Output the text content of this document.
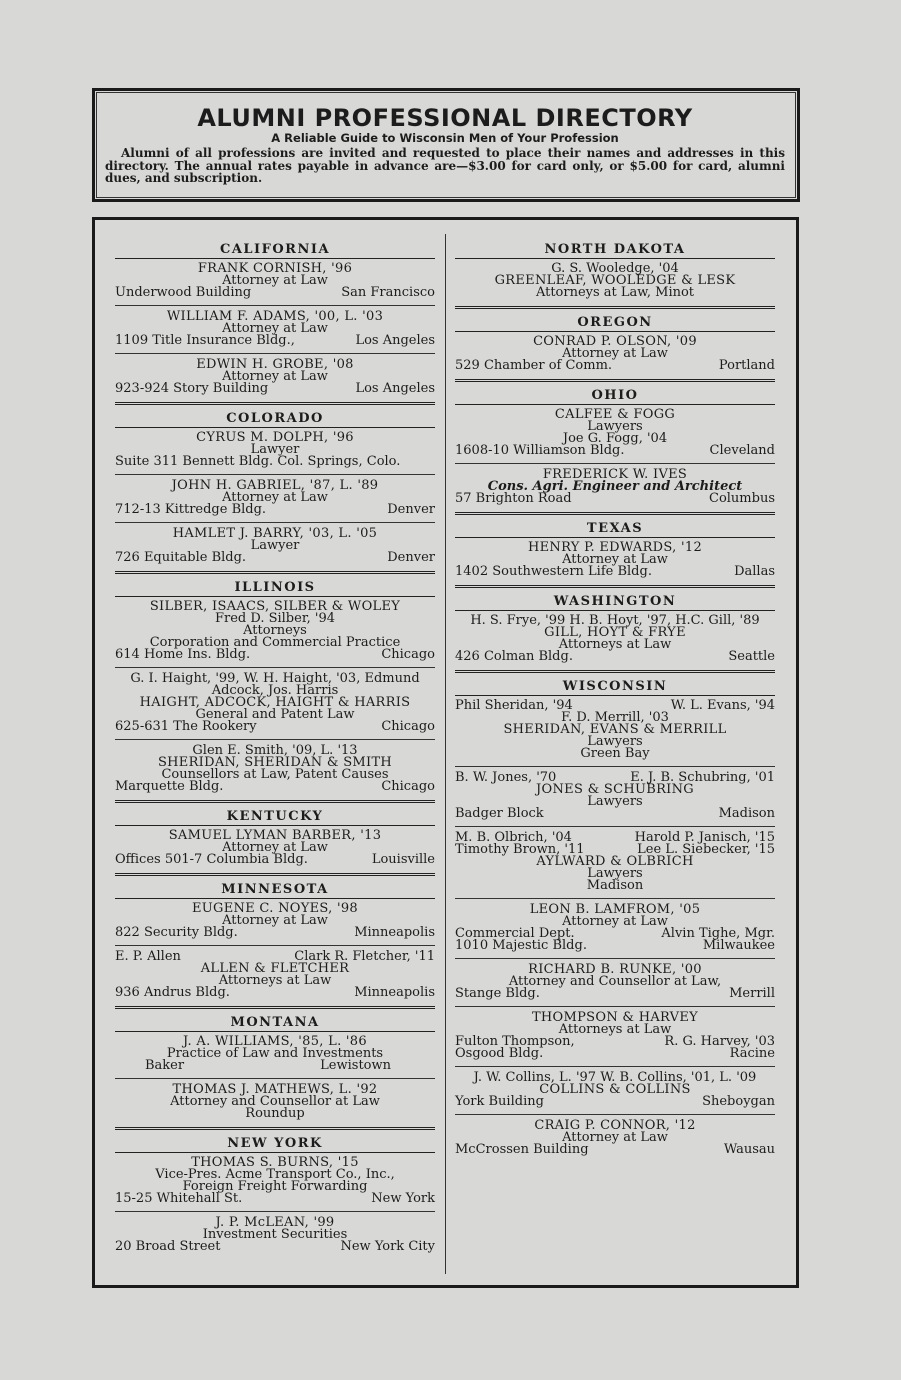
ALUMNI PROFESSIONAL DIRECTORY
A Reliable Guide to Wisconsin Men of Your Profession
Alumni of all professions are invited and requested to place their names and addresses in this directory. The annual rates payable in advance are—$3.00 for card only, or $5.00 for card, alumni dues, and subscription.
CALIFORNIA
FRANK CORNISH, '96
Attorney at Law
Underwood Building	San Francisco
WILLIAM F. ADAMS, '00, L. '03
Attorney at Law
1109 Title Insurance Bldg.,	Los Angeles
EDWIN H. GROBE, '08
Attorney at Law
923-924 Story Building	Los Angeles
COLORADO
CYRUS M. DOLPH, '96
Lawyer
Suite 311 Bennett Bldg. Col. Springs, Colo.
JOHN H. GABRIEL, '87, L. '89
Attorney at Law
712-13 Kittredge Bldg.	Denver
HAMLET J. BARRY, '03, L. '05
Lawyer
726 Equitable Bldg.	Denver
ILLINOIS
SILBER, ISAACS, SILBER & WOLEY
Fred D. Silber, '94
Attorneys
Corporation and Commercial Practice
614 Home Ins. Bldg.	Chicago
G. I. Haight, '99, W. H. Haight, '03, Edmund Adcock, Jos. Harris
HAIGHT, ADCOCK, HAIGHT & HARRIS
General and Patent Law
625-631 The Rookery	Chicago
Glen E. Smith, '09, L. '13
SHERIDAN, SHERIDAN & SMITH
Counsellors at Law, Patent Causes
Marquette Bldg.	Chicago
KENTUCKY
SAMUEL LYMAN BARBER, '13
Attorney at Law
Offices 501-7 Columbia Bldg.	Louisville
MINNESOTA
EUGENE C. NOYES, '98
Attorney at Law
822 Security Bldg.	Minneapolis
E. P. Allen	Clark R. Fletcher, '11
ALLEN & FLETCHER
Attorneys at Law
936 Andrus Bldg.	Minneapolis
MONTANA
J. A. WILLIAMS, '85, L. '86
Practice of Law and Investments
Baker	Lewistown
THOMAS J. MATHEWS, L. '92
Attorney and Counsellor at Law
Roundup
NEW YORK
THOMAS S. BURNS, '15
Vice-Pres. Acme Transport Co., Inc.,
Foreign Freight Forwarding
15-25 Whitehall St.	New York
J. P. McLEAN, '99
Investment Securities
20 Broad Street	New York City
NORTH DAKOTA
G. S. Wooledge, '04
GREENLEAF, WOOLEDGE & LESK
Attorneys at Law, Minot
OREGON
CONRAD P. OLSON, '09
Attorney at Law
529 Chamber of Comm.	Portland
OHIO
CALFEE & FOGG
Lawyers
Joe G. Fogg, '04
1608-10 Williamson Bldg.	Cleveland
FREDERICK W. IVES
Cons. Agri. Engineer and Architect
57 Brighton Road	Columbus
TEXAS
HENRY P. EDWARDS, '12
Attorney at Law
1402 Southwestern Life Bldg.	Dallas
WASHINGTON
H. S. Frye, '99 H. B. Hoyt, '97, H.C. Gill, '89
GILL, HOYT & FRYE
Attorneys at Law
426 Colman Bldg.	Seattle
WISCONSIN
Phil Sheridan, '94	W. L. Evans, '94
F. D. Merrill, '03
SHERIDAN, EVANS & MERRILL
Lawyers
Green Bay
B. W. Jones, '70	E. J. B. Schubring, '01
JONES & SCHUBRING
Lawyers
Badger Block	Madison
M. B. Olbrich, '04	Harold P. Janisch, '15
Timothy Brown, '11	Lee L. Siebecker, '15
AYLWARD & OLBRICH
Lawyers
Madison
LEON B. LAMFROM, '05
Attorney at Law
Commercial Dept.	Alvin Tighe, Mgr.
1010 Majestic Bldg.	Milwaukee
RICHARD B. RUNKE, '00
Attorney and Counsellor at Law,
Stange Bldg.	Merrill
THOMPSON & HARVEY
Attorneys at Law
Fulton Thompson,	R. G. Harvey, '03
Osgood Bldg.	Racine
J. W. Collins, L. '97 W. B. Collins, '01, L. '09
COLLINS & COLLINS
York Building	Sheboygan
CRAIG P. CONNOR, '12
Attorney at Law
McCrossen Building	Wausau
